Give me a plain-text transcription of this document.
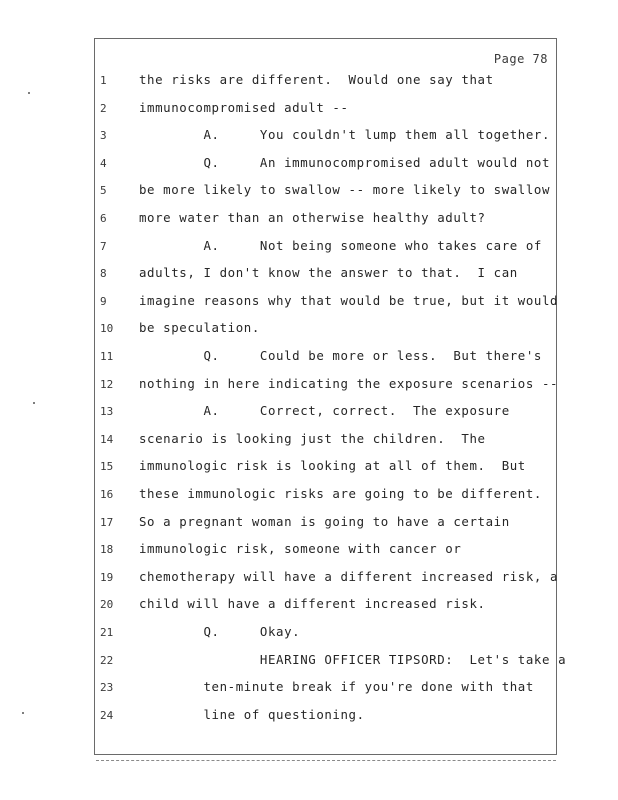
Page 78
1	the risks are different.  Would one say that
2	immunocompromised adult --
3	A.     You couldn't lump them all together.
4	Q.     An immunocompromised adult would not
5	be more likely to swallow -- more likely to swallow
6	more water than an otherwise healthy adult?
7	A.     Not being someone who takes care of
8	adults, I don't know the answer to that.  I can
9	imagine reasons why that would be true, but it would
10	be speculation.
11	Q.     Could be more or less.  But there's
12	nothing in here indicating the exposure scenarios --
13	A.     Correct, correct.  The exposure
14	scenario is looking just the children.  The
15	immunologic risk is looking at all of them.  But
16	these immunologic risks are going to be different.
17	So a pregnant woman is going to have a certain
18	immunologic risk, someone with cancer or
19	chemotherapy will have a different increased risk, a
20	child will have a different increased risk.
21	Q.     Okay.
22	HEARING OFFICER TIPSORD:  Let's take a
23	ten-minute break if you're done with that
24	line of questioning.
